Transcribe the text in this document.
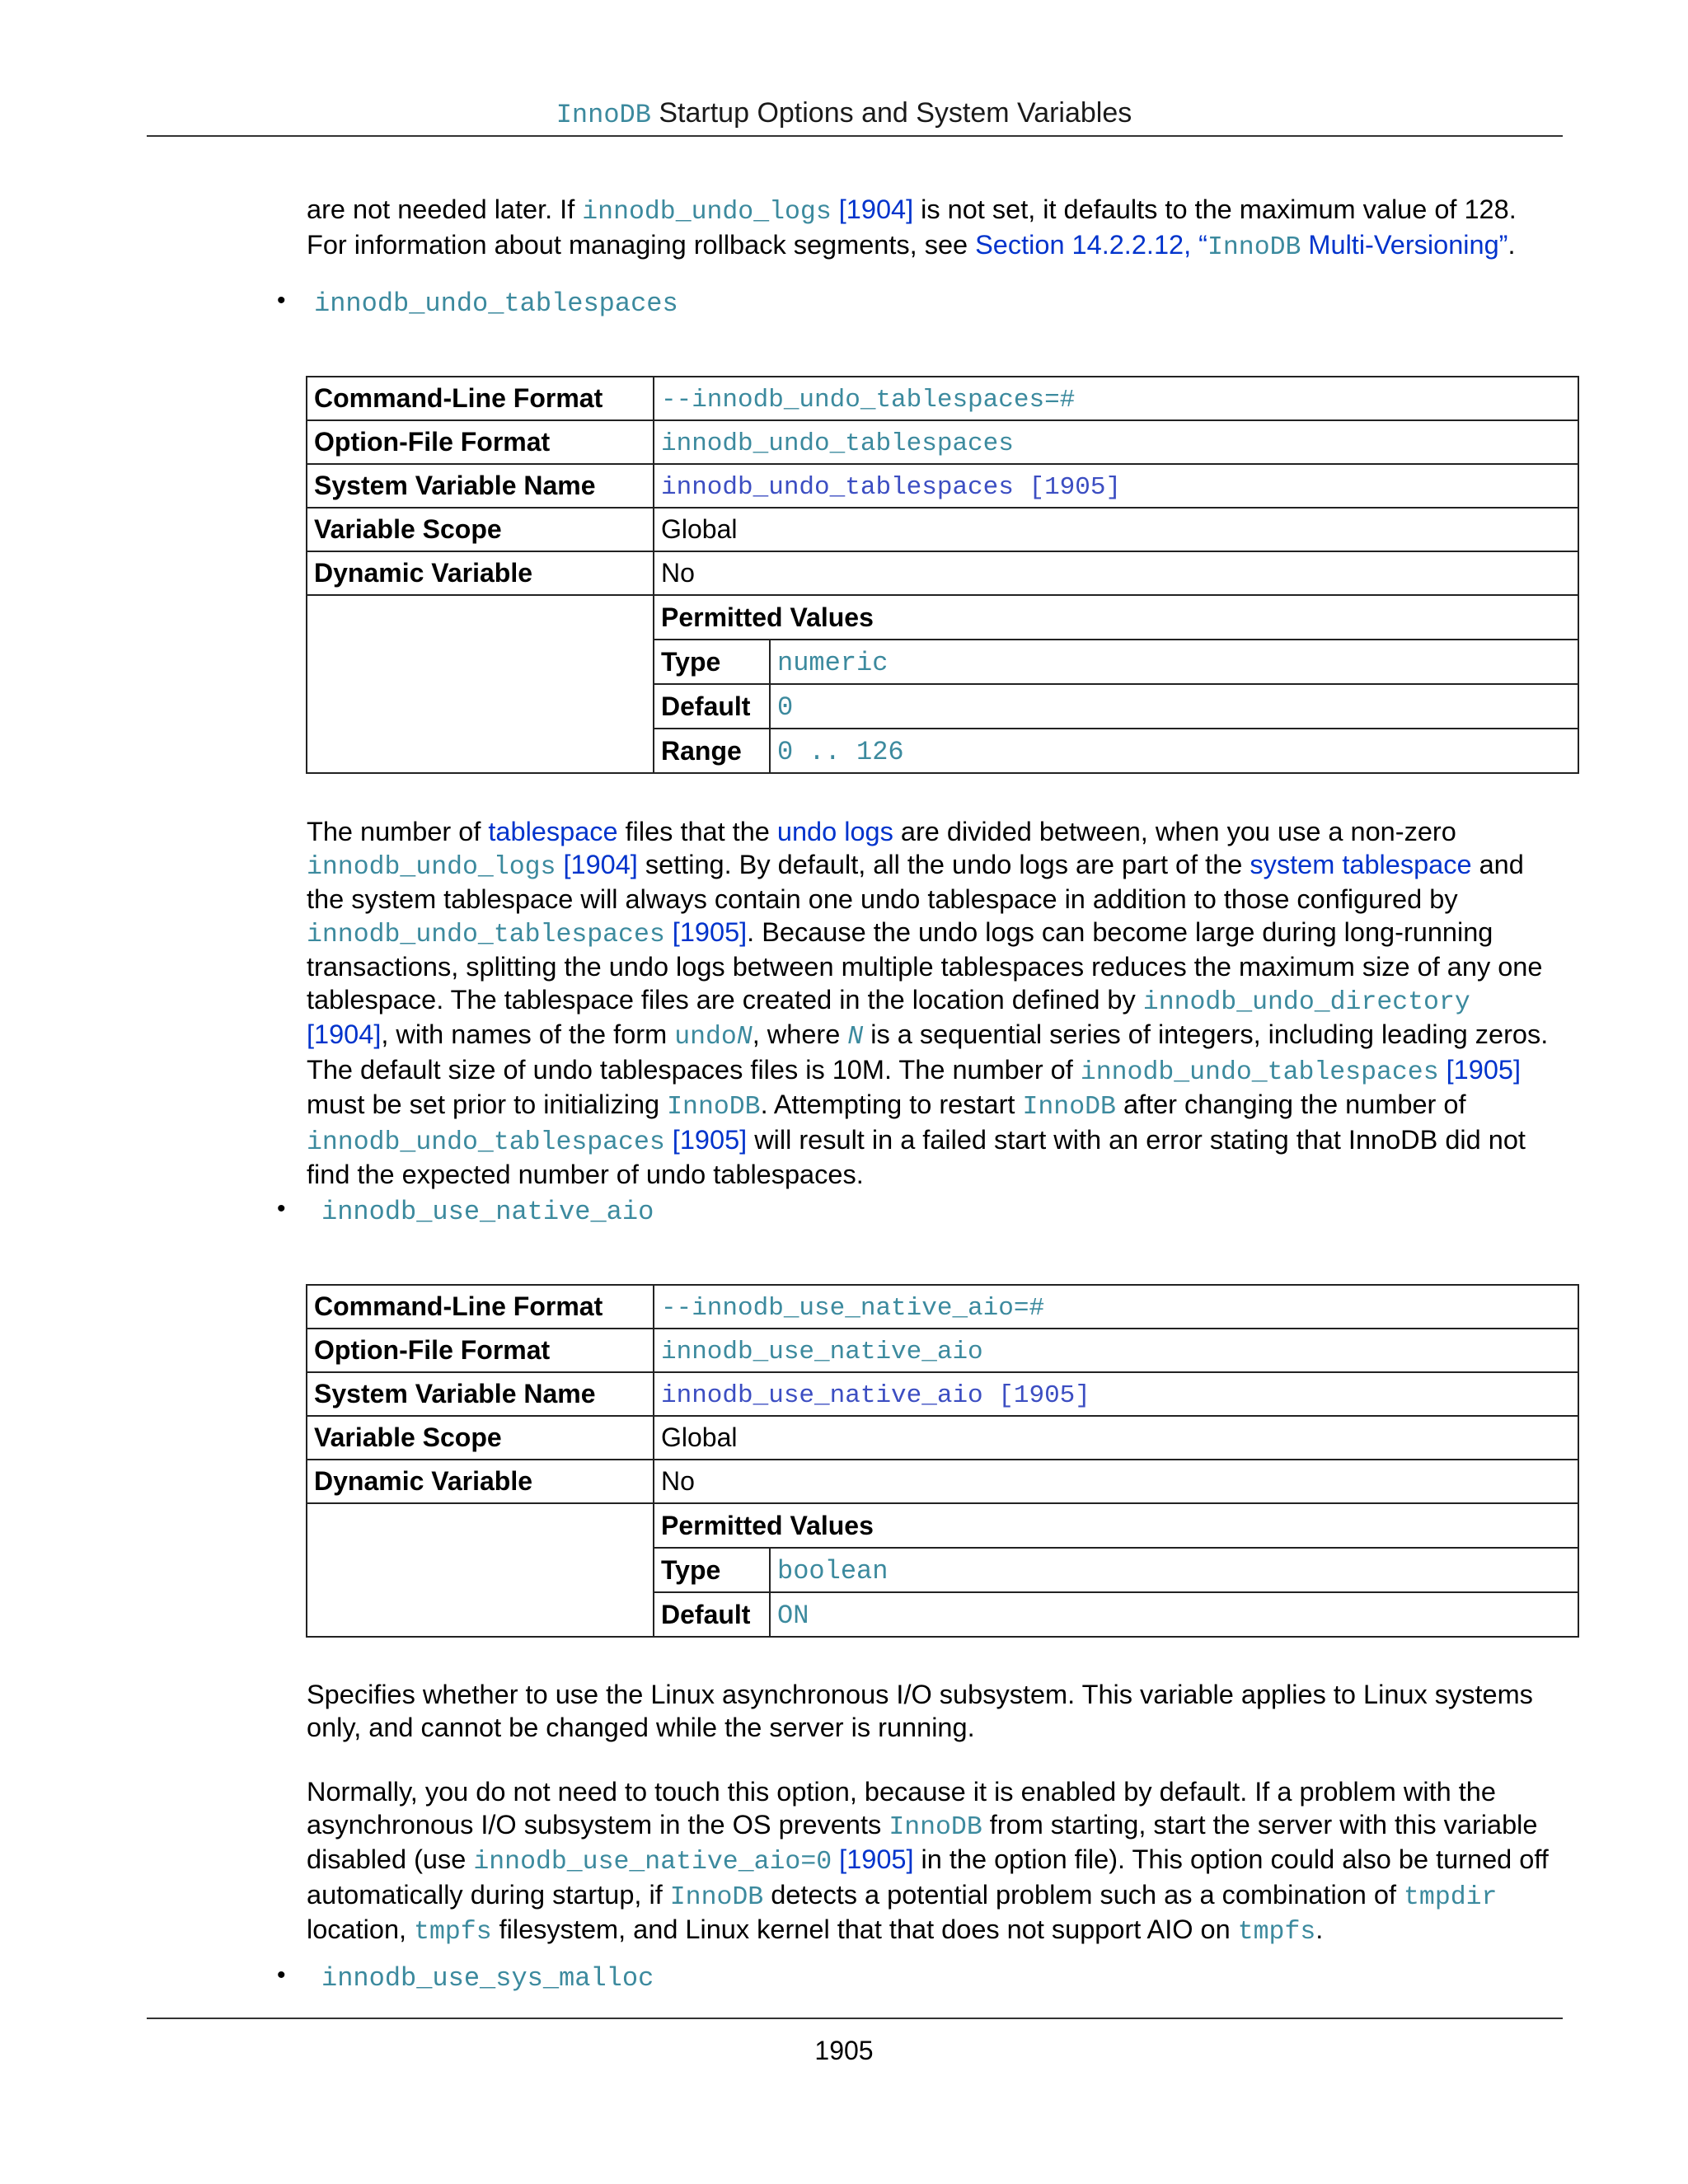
InnoDB Startup Options and System Variables

are not needed later. If innodb_undo_logs [1904] is not set, it defaults to the maximum value of 128. For information about managing rollback segments, see Section 14.2.2.12, “InnoDB Multi-Versioning”.

• innodb_undo_tablespaces
Command-Line Format	--innodb_undo_tablespaces=#
Option-File Format	innodb_undo_tablespaces
System Variable Name	innodb_undo_tablespaces [1905]
Variable Scope	Global
Dynamic Variable	No

Permitted Values
Type	numeric
Default	0
Range	0 .. 126

The number of tablespace files that the undo logs are divided between, when you use a non-zero innodb_undo_logs [1904] setting. By default, all the undo logs are part of the system tablespace and the system tablespace will always contain one undo tablespace in addition to those configured by innodb_undo_tablespaces [1905]. Because the undo logs can become large during long-running transactions, splitting the undo logs between multiple tablespaces reduces the maximum size of any one tablespace. The tablespace files are created in the location defined by innodb_undo_directory [1904], with names of the form undoN, where N is a sequential series of integers, including leading zeros. The default size of undo tablespaces files is 10M. The number of innodb_undo_tablespaces [1905] must be set prior to initializing InnoDB. Attempting to restart InnoDB after changing the number of innodb_undo_tablespaces [1905] will result in a failed start with an error stating that InnoDB did not find the expected number of undo tablespaces.

• innodb_use_native_aio
Command-Line Format	--innodb_use_native_aio=#
Option-File Format	innodb_use_native_aio
System Variable Name	innodb_use_native_aio [1905]
Variable Scope	Global
Dynamic Variable	No

Permitted Values
Type	boolean
Default	ON

Specifies whether to use the Linux asynchronous I/O subsystem. This variable applies to Linux systems only, and cannot be changed while the server is running.

Normally, you do not need to touch this option, because it is enabled by default. If a problem with the asynchronous I/O subsystem in the OS prevents InnoDB from starting, start the server with this variable disabled (use innodb_use_native_aio=0 [1905] in the option file). This option could also be turned off automatically during startup, if InnoDB detects a potential problem such as a combination of tmpdir location, tmpfs filesystem, and Linux kernel that that does not support AIO on tmpfs.

• innodb_use_sys_malloc
1905
